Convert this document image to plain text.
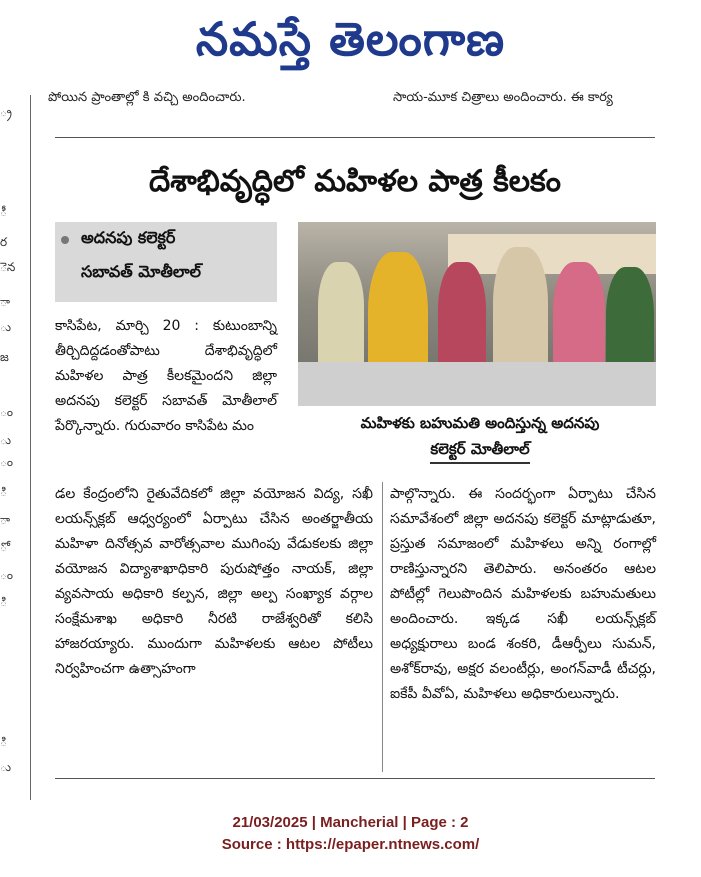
నమస్తే తెలంగాణ
్ర
ీ
ర
ెన
ా
ు
జ
ం
ు
ం
ి
ా
ో
ం
ి
ి
ు
పోయిన ప్రాంతాల్లో కి వచ్చి అందించారు.	సాయ-మూక చిత్రాలు అందించారు. ఈ కార్య
దేశాభివృద్ధిలో మహిళల పాత్ర కీలకం
అదనపు కలెక్టర్
సబావత్ మోతీలాల్
మహిళకు బహుమతి అందిస్తున్న అదనపు
కలెక్టర్ మోతీలాల్
కాసిపేట, మార్చి 20 : కుటుంబాన్ని తీర్చిదిద్దడంతోపాటు దేశాభివృద్ధిలో మహిళల పాత్ర కీలకమైందని జిల్లా అదనపు కలెక్టర్ సబావత్ మోతీలాల్ పేర్కొన్నారు. గురువారం కాసిపేట మం
డల కేంద్రంలోని రైతువేదికలో జిల్లా వయోజన విద్య, సఖీ లయన్స్‌క్లబ్ ఆధ్వర్యంలో ఏర్పాటు చేసిన అంతర్జాతీయ మహిళా దినోత్సవ వారోత్సవాల ముగింపు వేడుకలకు జిల్లా వయోజన విద్యాశాఖాధికారి పురుషోత్తం నాయక్, జిల్లా వ్యవసాయ అధికారి కల్పన, జిల్లా అల్ప సంఖ్యాక వర్గాల సంక్షేమశాఖ అధికారి నీరటి రాజేశ్వరితో కలిసి హాజరయ్యారు. ముందుగా మహిళలకు ఆటల పోటీలు నిర్వహించగా ఉత్సాహంగా
పాల్గొన్నారు. ఈ సందర్భంగా ఏర్పాటు చేసిన సమావేశంలో జిల్లా అదనపు కలెక్టర్ మాట్లాడుతూ, ప్రస్తుత సమాజంలో మహిళలు అన్ని రంగాల్లో రాణిస్తున్నారని తెలిపారు. అనంతరం ఆటల పోటీల్లో గెలుపొందిన మహిళలకు బహుమతులు అందించారు. ఇక్కడ సఖీ లయన్స్‌క్లబ్ అధ్యక్షురాలు బండ శంకరి, డీఆర్పీలు సుమన్, అశోక్‌రావు, అక్షర వలంటీర్లు, అంగన్‌వాడీ టీచర్లు, ఐకేపీ వీవోఏ, మహిళలు అధికారులున్నారు.
21/03/2025 | Mancherial | Page : 2
Source : https://epaper.ntnews.com/
